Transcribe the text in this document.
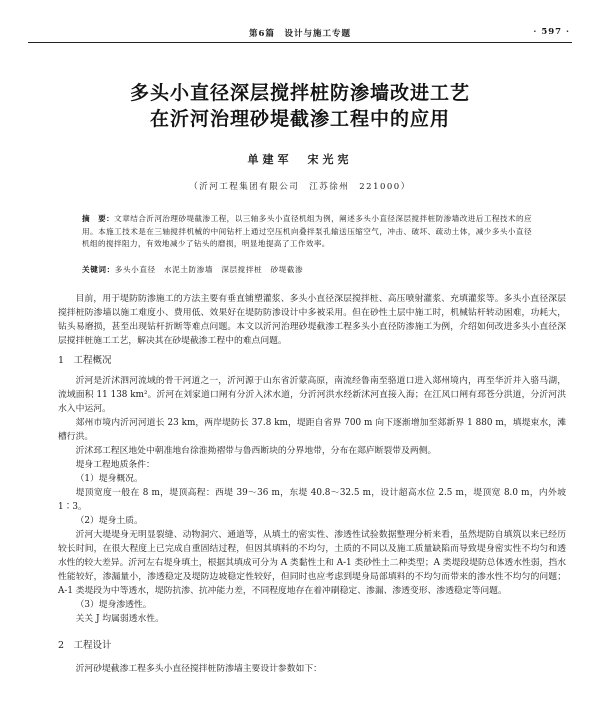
第6篇　设计与施工专题	· 597 ·
多头小直径深层搅拌桩防渗墙改进工艺
在沂河治理砂堤截渗工程中的应用
单建军　宋光宪
（沂河工程集团有限公司　江苏徐州　221000）
摘　要：文章结合沂河治理砂堤截渗工程，以三轴多头小直径机组为例，阐述多头小直径深层搅拌桩防渗墙改进后工程技术的应用。本施工技术是在三轴搅拌机械的中间钻杆上通过空压机向叠拌泵孔输送压缩空气，冲击、破坏、疏动土体，减少多头小直径机组的搅拌阻力，有效地减少了钻头的磨损，明显地提高了工作效率。
关键词：多头小直径　水泥土防渗墙　深层搅拌桩　砂堤截渗

目前，用于堤防防渗施工的方法主要有垂直铺塑灌浆、多头小直径深层搅拌桩、高压喷射灌浆、充填灌浆等。多头小直径深层搅拌桩防渗墙以施工难度小、费用低、效果好在堤防防渗设计中多被采用。但在砂性土层中施工时，机械钻杆转动困难，功耗大，钻头易磨损，甚至出现钻杆折断等难点问题。本文以沂河治理砂堤截渗工程多头小直径防渗施工为例，介绍如何改进多头小直径深层搅拌桩施工工艺，解决其在砂堤截渗工程中的难点问题。

1　工程概况

沂河是沂沭泗河流域的骨干河道之一，沂河源于山东省沂蒙高原，南流经鲁南至骆道口进入郯州境内，再至华沂并入骆马湖，流域面积 11 138 km²。沂河在刘家道口闸有分沂入沭水道，分沂河洪水经新沭河直接入海；在江风口闸有邳苍分洪道，分沂河洪水入中运河。

郯州市境内沂河河道长 23 km，两岸堤防长 37.8 km，堤距自省界 700 m 向下逐渐增加至郯新界 1 880 m，填堤束水，滩槽行洪。

沂沭邳工程区地处中朝准地台徐淮拗褶带与鲁西断块的分界地带，分布在郯庐断裂带及两侧。

堤身工程地质条件：

（1）堤身概况。

堤顶宽度一般在 8 m，堤顶高程：西堤 39～36 m，东堤 40.8～32.5 m，设计超高水位 2.5 m，堤顶宽 8.0 m，内外坡 1∶3。

（2）堤身土质。

沂河大堤堤身无明显裂缝、动物洞穴、通道等，从填土的密实性、渗透性试验数据整理分析来看，虽然堤防自填筑以来已经历较长时间，在很大程度上已完成自重固结过程，但因其填料的不均匀，土质的不同以及施工质量缺陷而导致堤身密实性不均匀和透水性的较大差异。沂河左右堤身填土，根据其填成可分为 A 类黏性土和 A-1 类砂性土二种类型；A 类堤段堤防总体透水性弱，挡水性能较好，渗漏量小，渗透稳定及堤防边坡稳定性较好，但同时也应考虑到堤身局部填料的不均匀而带来的渗水性不均匀的问题；A-1 类堤段为中等透水，堤防抗渗、抗冲能力差，不同程度地存在着冲刷稳定、渗漏、渗透变形、渗透稳定等问题。

（3）堤身渗透性。

关关 J 均属弱透水性。

2　工程设计

沂河砂堤截渗工程多头小直径搅拌桩防渗墙主要设计参数如下：
